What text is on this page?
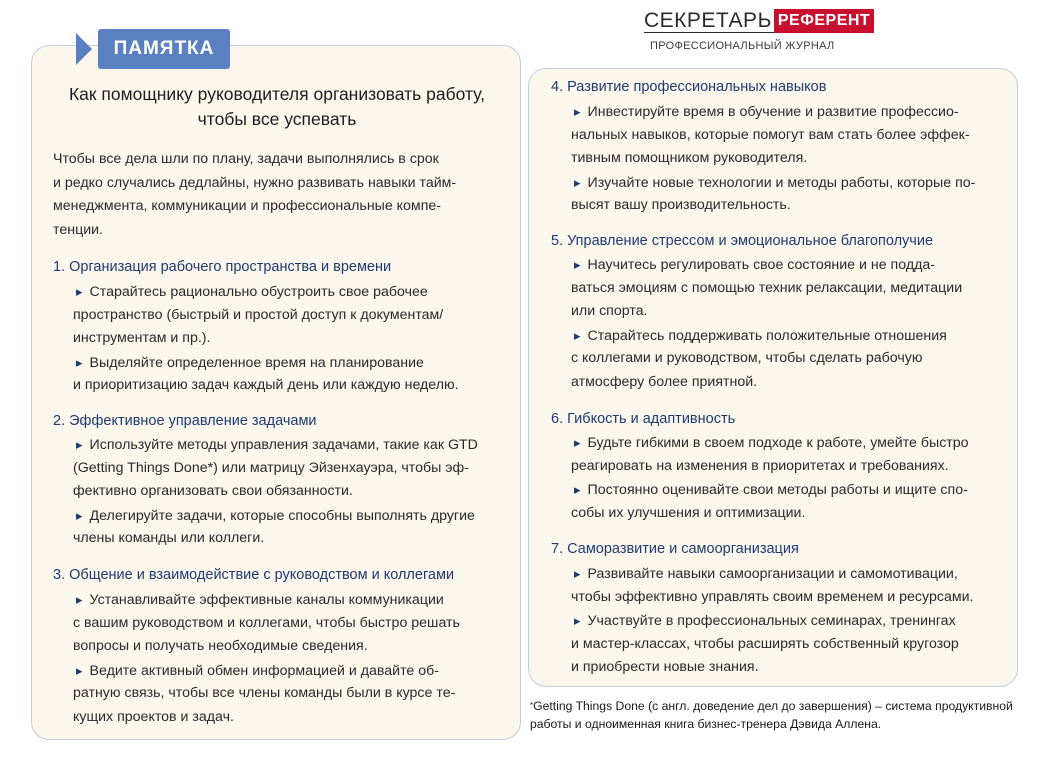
ПАМЯТКА
СЕКРЕТАРЬ РЕФЕРЕНТ
ПРОФЕССИОНАЛЬНЫЙ ЖУРНАЛ
Как помощнику руководителя организовать работу,
чтобы все успевать
Чтобы все дела шли по плану, задачи выполнялись в срок
и редко случались дедлайны, нужно развивать навыки тайм-
менеджмента, коммуникации и профессиональные компе-
тенции.
1. Организация рабочего пространства и времени
▸ Старайтесь рационально обустроить свое рабочее
пространство (быстрый и простой доступ к документам/
инструментам и пр.).
▸ Выделяйте определенное время на планирование
и приоритизацию задач каждый день или каждую неделю.
2. Эффективное управление задачами
▸ Используйте методы управления задачами, такие как GTD
(Getting Things Done*) или матрицу Эйзенхауэра, чтобы эф-
фективно организовать свои обязанности.
▸ Делегируйте задачи, которые способны выполнять другие
члены команды или коллеги.
3. Общение и взаимодействие с руководством и коллегами
▸ Устанавливайте эффективные каналы коммуникации
с вашим руководством и коллегами, чтобы быстро решать
вопросы и получать необходимые сведения.
▸ Ведите активный обмен информацией и давайте об-
ратную связь, чтобы все члены команды были в курсе те-
кущих проектов и задач.
4. Развитие профессиональных навыков
▸ Инвестируйте время в обучение и развитие профессио-
нальных навыков, которые помогут вам стать более эффек-
тивным помощником руководителя.
▸ Изучайте новые технологии и методы работы, которые по-
высят вашу производительность.
5. Управление стрессом и эмоциональное благополучие
▸ Научитесь регулировать свое состояние и не подда-
ваться эмоциям с помощью техник релаксации, медитации
или спорта.
▸ Старайтесь поддерживать положительные отношения
с коллегами и руководством, чтобы сделать рабочую
атмосферу более приятной.
6. Гибкость и адаптивность
▸ Будьте гибкими в своем подходе к работе, умейте быстро
реагировать на изменения в приоритетах и требованиях.
▸ Постоянно оценивайте свои методы работы и ищите спо-
собы их улучшения и оптимизации.
7. Саморазвитие и самоорганизация
▸ Развивайте навыки самоорганизации и самомотивации,
чтобы эффективно управлять своим временем и ресурсами.
▸ Участвуйте в профессиональных семинарах, тренингах
и мастер-классах, чтобы расширять собственный кругозор
и приобрести новые знания.
*Getting Things Done (с англ. доведение дел до завершения) – система продуктивной
работы и одноименная книга бизнес-тренера Дэвида Аллена.
